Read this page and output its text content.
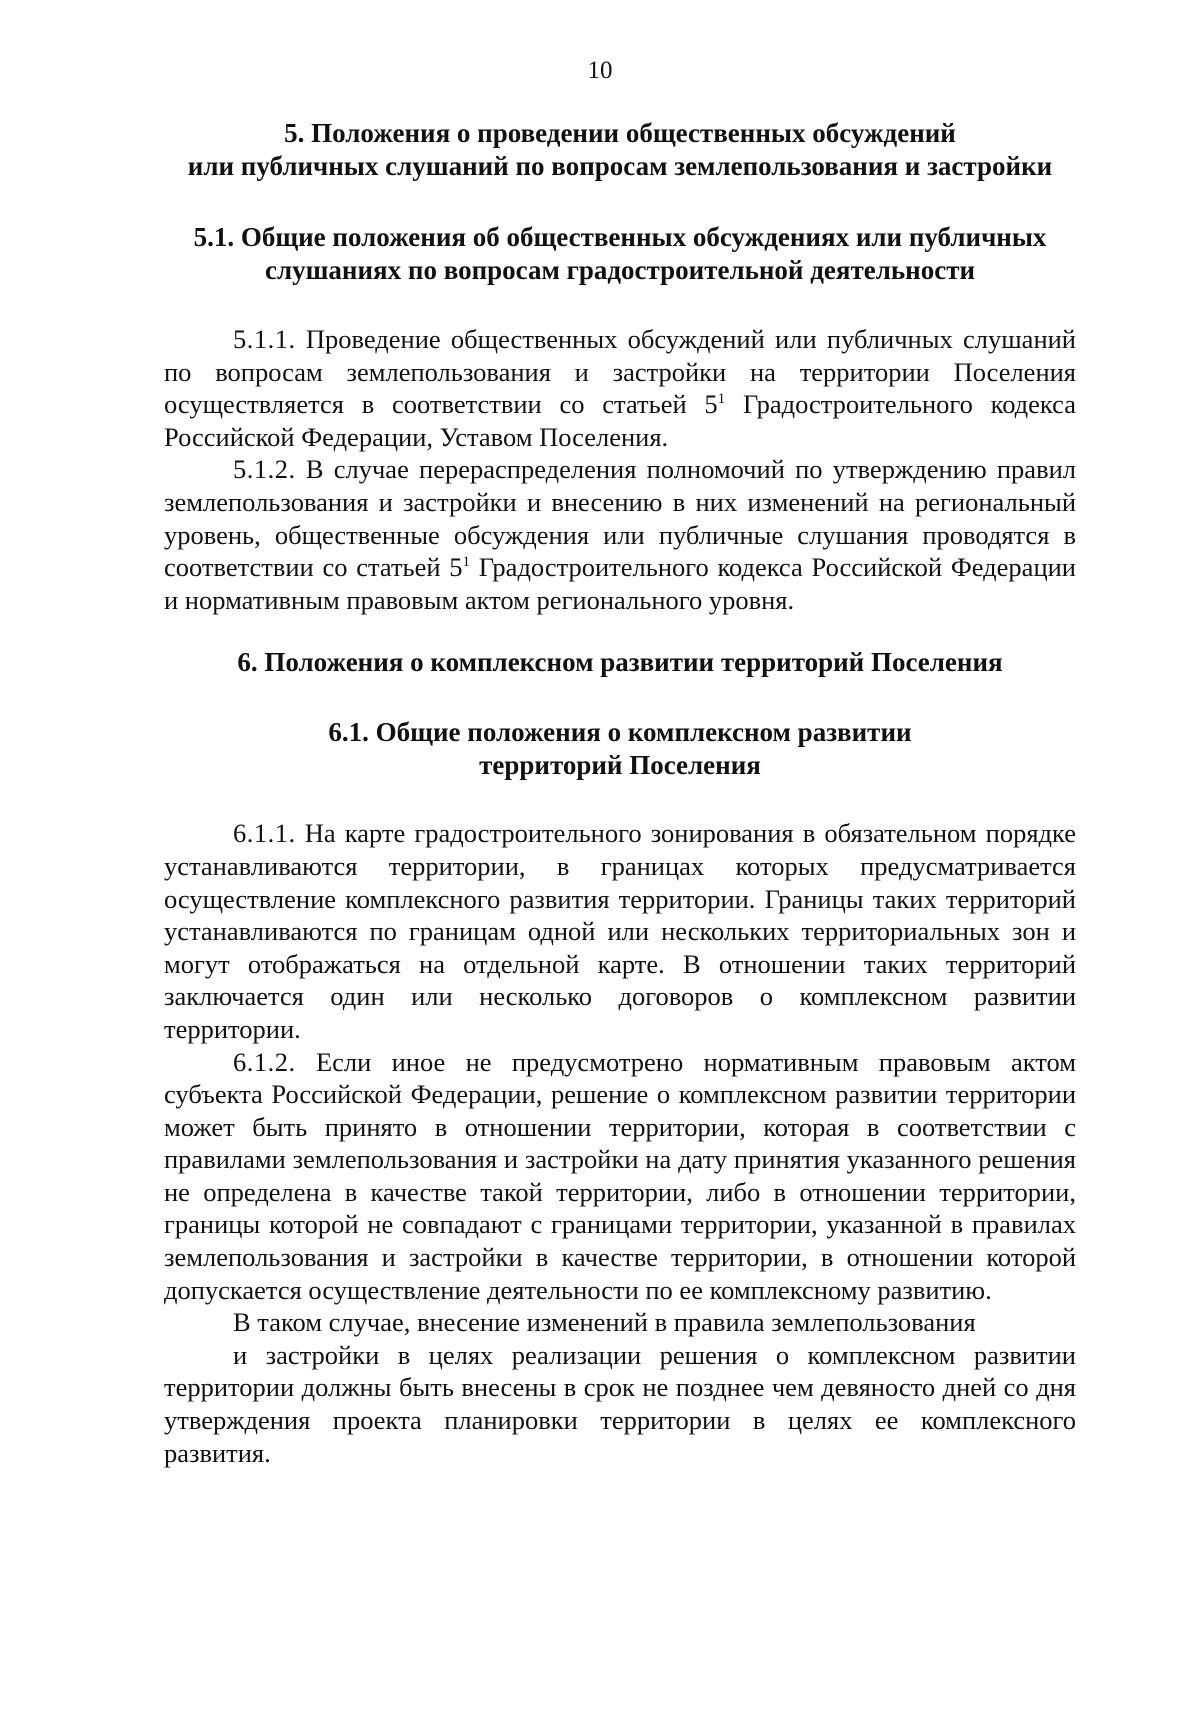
10
5. Положения о проведении общественных обсуждений
или публичных слушаний по вопросам землепользования и застройки
5.1. Общие положения об общественных обсуждениях или публичных
слушаниях по вопросам градостроительной деятельности

5.1.1. Проведение общественных обсуждений или публичных слушаний по вопросам землепользования и застройки на территории Поселения осуществляется в соответствии со статьей $5^1$ Градостроительного кодекса Российской Федерации, Уставом Поселения.

5.1.2. В случае перераспределения полномочий по утверждению правил землепользования и застройки и внесению в них изменений на региональный уровень, общественные обсуждения или публичные слушания проводятся в соответствии со статьей $5^1$ Градостроительного кодекса Российской Федерации и нормативным правовым актом регионального уровня.

6. Положения о комплексном развитии территорий Поселения
6.1. Общие положения о комплексном развитии
территорий Поселения

6.1.1. На карте градостроительного зонирования в обязательном порядке устанавливаются территории, в границах которых предусматривается осуществление комплексного развития территории. Границы таких территорий устанавливаются по границам одной или нескольких территориальных зон и могут отображаться на отдельной карте. В отношении таких территорий заключается один или несколько договоров о комплексном развитии территории.

6.1.2. Если иное не предусмотрено нормативным правовым актом субъекта Российской Федерации, решение о комплексном развитии территории может быть принято в отношении территории, которая в соответствии с правилами землепользования и застройки на дату принятия указанного решения не определена в качестве такой территории, либо в отношении территории, границы которой не совпадают с границами территории, указанной в правилах землепользования и застройки в качестве территории, в отношении которой допускается осуществление деятельности по ее комплексному развитию.

В таком случае, внесение изменений в правила землепользования

и застройки в целях реализации решения о комплексном развитии территории должны быть внесены в срок не позднее чем девяносто дней со дня утверждения проекта планировки территории в целях ее комплексного развития.
